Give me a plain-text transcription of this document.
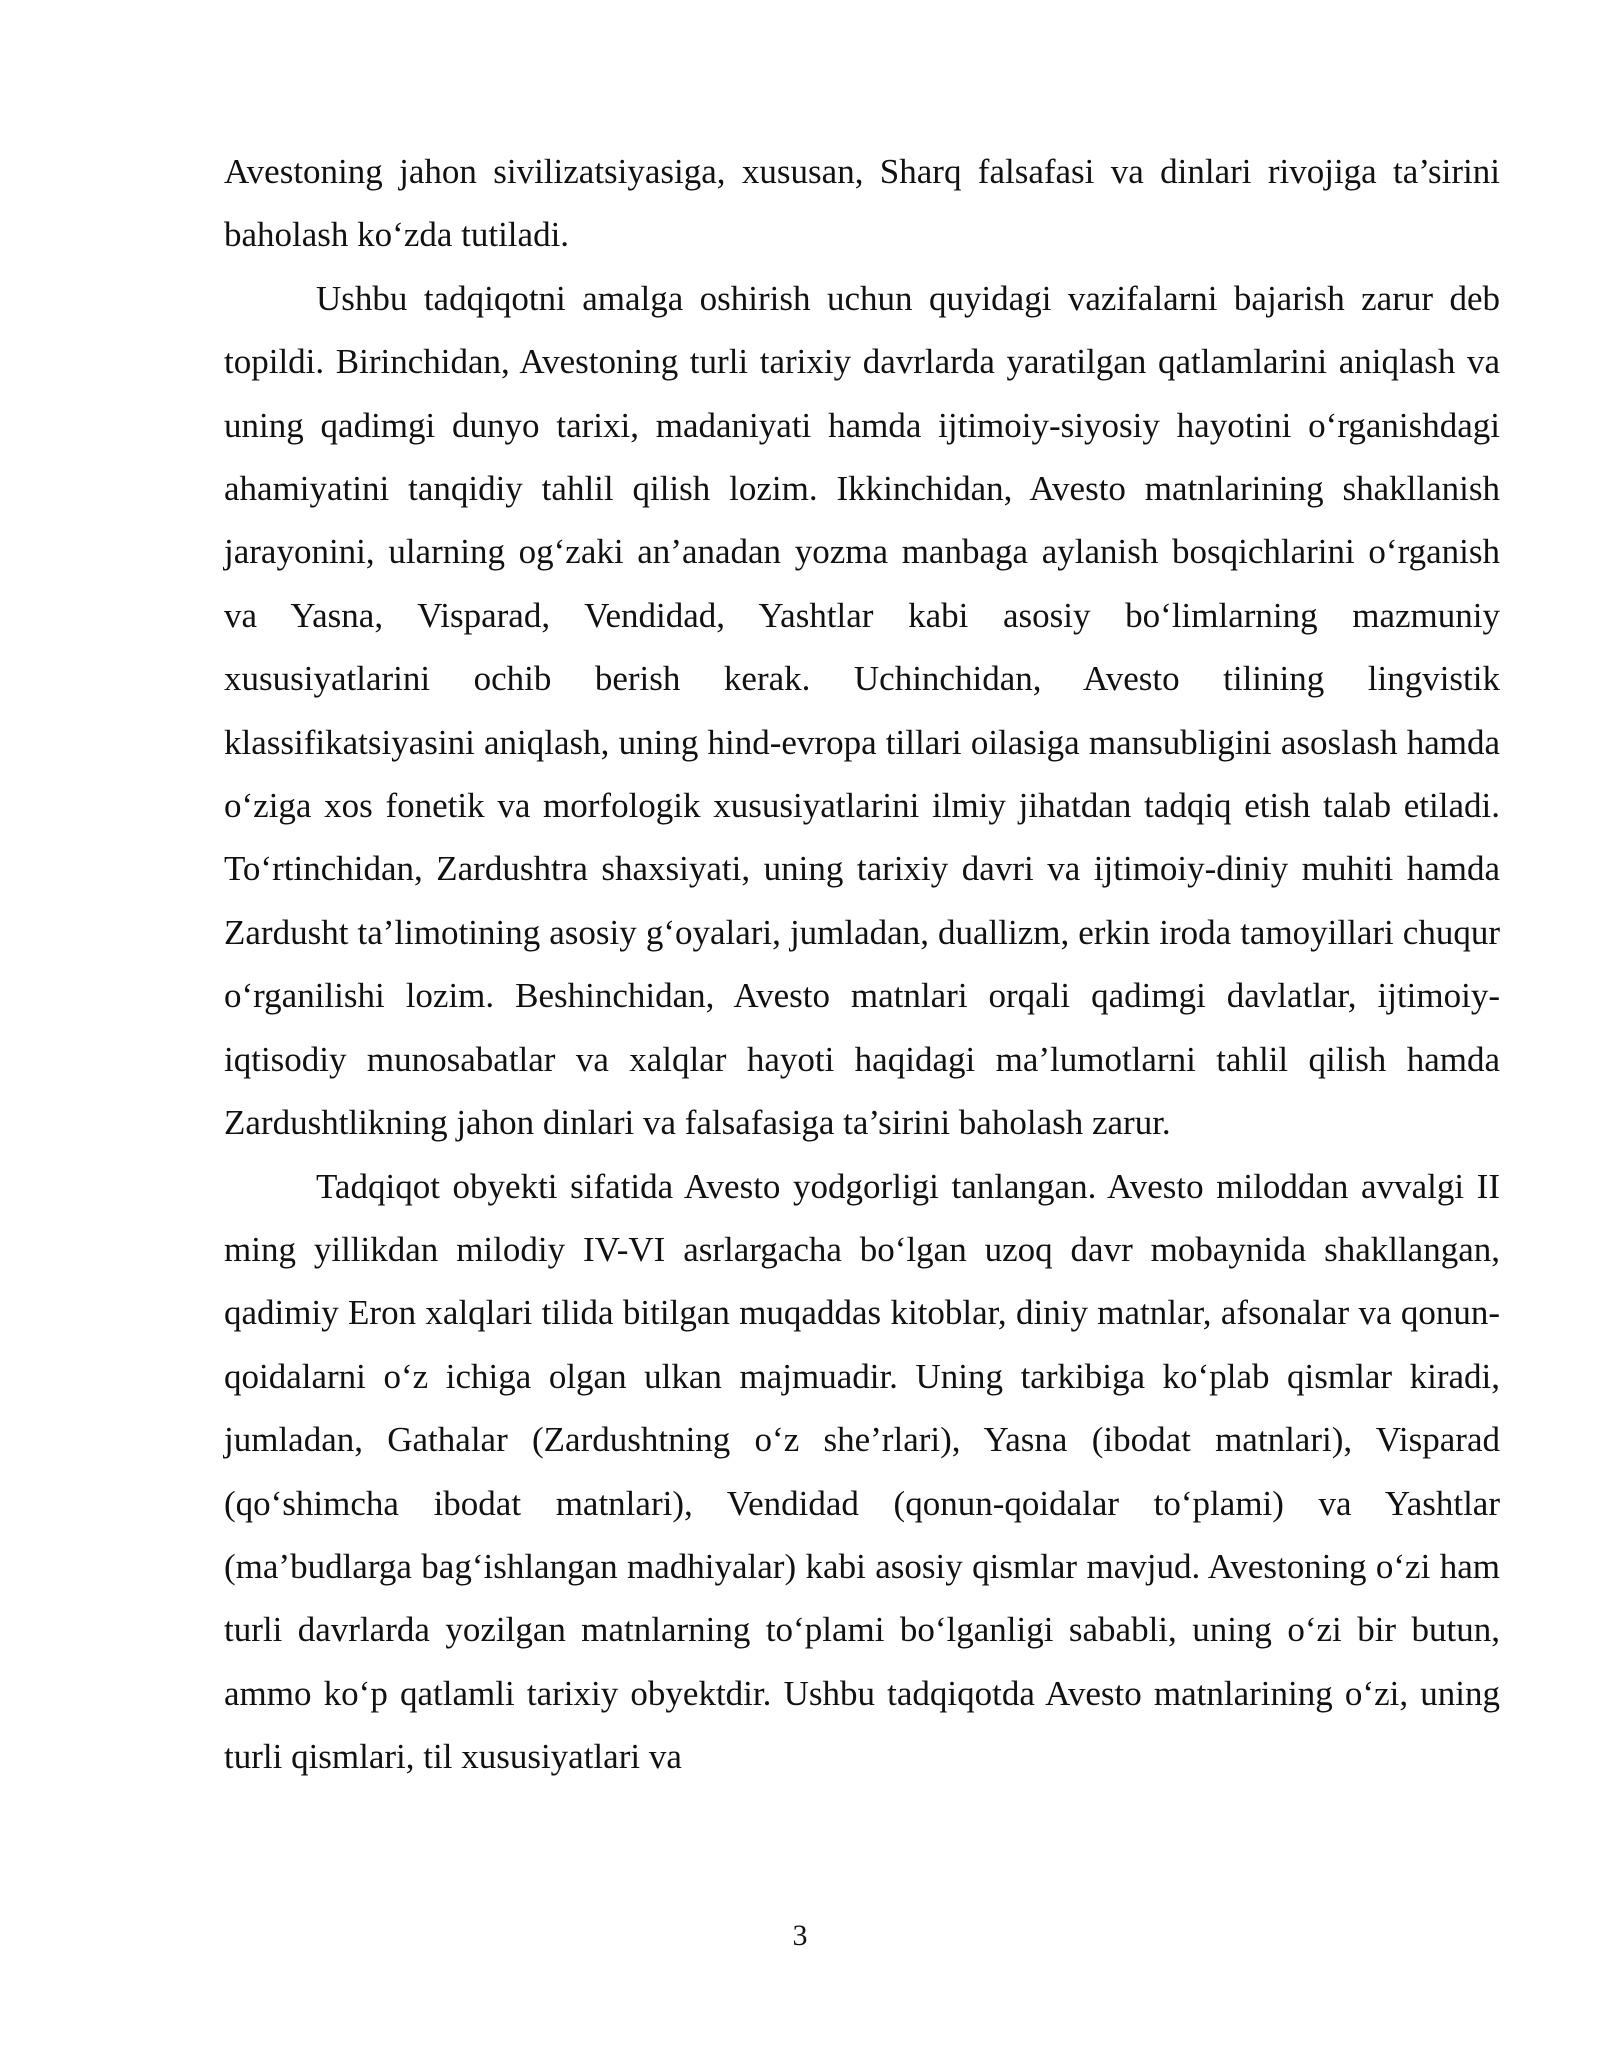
Avestoning jahon sivilizatsiyasiga, xususan, Sharq falsafasi va dinlari rivojiga ta’sirini baholash ko‘zda tutiladi.

Ushbu tadqiqotni amalga oshirish uchun quyidagi vazifalarni bajarish zarur deb topildi. Birinchidan, Avestoning turli tarixiy davrlarda yaratilgan qatlamlarini aniqlash va uning qadimgi dunyo tarixi, madaniyati hamda ijtimoiy-siyosiy hayotini o‘rganishdagi ahamiyatini tanqidiy tahlil qilish lozim. Ikkinchidan, Avesto matnlarining shakllanish jarayonini, ularning og‘zaki an’anadan yozma manbaga aylanish bosqichlarini o‘rganish va Yasna, Visparad, Vendidad, Yashtlar kabi asosiy bo‘limlarning mazmuniy xususiyatlarini ochib berish kerak. Uchinchidan, Avesto tilining lingvistik klassifikatsiyasini aniqlash, uning hind-evropa tillari oilasiga mansubligini asoslash hamda o‘ziga xos fonetik va morfologik xususiyatlarini ilmiy jihatdan tadqiq etish talab etiladi. To‘rtinchidan, Zardushtra shaxsiyati, uning tarixiy davri va ijtimoiy-diniy muhiti hamda Zardusht ta’limotining asosiy g‘oyalari, jumladan, duallizm, erkin iroda tamoyillari chuqur o‘rganilishi lozim. Beshinchidan, Avesto matnlari orqali qadimgi davlatlar, ijtimoiy-iqtisodiy munosabatlar va xalqlar hayoti haqidagi ma’lumotlarni tahlil qilish hamda Zardushtlikning jahon dinlari va falsafasiga ta’sirini baholash zarur.

Tadqiqot obyekti sifatida Avesto yodgorligi tanlangan. Avesto miloddan avvalgi II ming yillikdan milodiy IV-VI asrlargacha bo‘lgan uzoq davr mobaynida shakllangan, qadimiy Eron xalqlari tilida bitilgan muqaddas kitoblar, diniy matnlar, afsonalar va qonun-qoidalarni o‘z ichiga olgan ulkan majmuadir. Uning tarkibiga ko‘plab qismlar kiradi, jumladan, Gathalar (Zardushtning o‘z she’rlari), Yasna (ibodat matnlari), Visparad (qo‘shimcha ibodat matnlari), Vendidad (qonun-qoidalar to‘plami) va Yashtlar (ma’budlarga bag‘ishlangan madhiyalar) kabi asosiy qismlar mavjud. Avestoning o‘zi ham turli davrlarda yozilgan matnlarning to‘plami bo‘lganligi sababli, uning o‘zi bir butun, ammo ko‘p qatlamli tarixiy obyektdir. Ushbu tadqiqotda Avesto matnlarining o‘zi, uning turli qismlari, til xususiyatlari va

3
